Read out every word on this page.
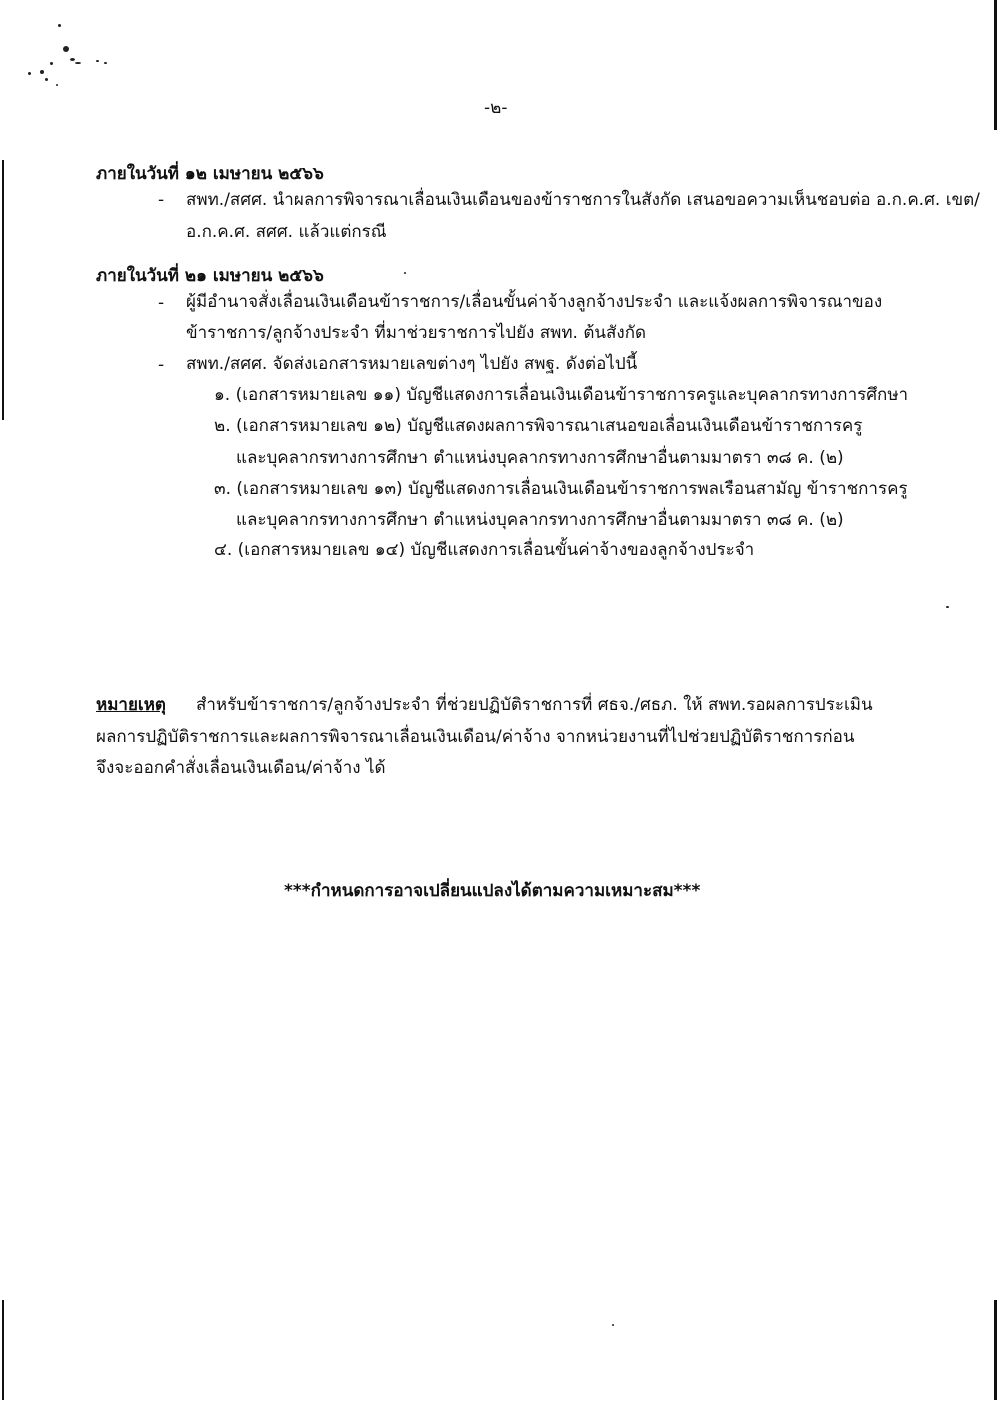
-๒-
ภายในวันที่ ๑๒ เมษายน ๒๕๖๖
- สพท./สศศ. นำผลการพิจารณาเลื่อนเงินเดือนของข้าราชการในสังกัด เสนอขอความเห็นชอบต่อ อ.ก.ค.ศ. เขต/
อ.ก.ค.ศ. สศศ. แล้วแต่กรณี
ภายในวันที่ ๒๑ เมษายน ๒๕๖๖
- ผู้มีอำนาจสั่งเลื่อนเงินเดือนข้าราชการ/เลื่อนขั้นค่าจ้างลูกจ้างประจำ และแจ้งผลการพิจารณาของ
ข้าราชการ/ลูกจ้างประจำ ที่มาช่วยราชการไปยัง สพท. ต้นสังกัด
- สพท./สศศ. จัดส่งเอกสารหมายเลขต่างๆ ไปยัง สพฐ. ดังต่อไปนี้
๑. (เอกสารหมายเลข ๑๑) บัญชีแสดงการเลื่อนเงินเดือนข้าราชการครูและบุคลากรทางการศึกษา
๒. (เอกสารหมายเลข ๑๒) บัญชีแสดงผลการพิจารณาเสนอขอเลื่อนเงินเดือนข้าราชการครู
และบุคลากรทางการศึกษา ตำแหน่งบุคลากรทางการศึกษาอื่นตามมาตรา ๓๘ ค. (๒)
๓. (เอกสารหมายเลข ๑๓) บัญชีแสดงการเลื่อนเงินเดือนข้าราชการพลเรือนสามัญ ข้าราชการครู
และบุคลากรทางการศึกษา ตำแหน่งบุคลากรทางการศึกษาอื่นตามมาตรา ๓๘ ค. (๒)
๔. (เอกสารหมายเลข ๑๔) บัญชีแสดงการเลื่อนขั้นค่าจ้างของลูกจ้างประจำ
หมายเหตุ สำหรับข้าราชการ/ลูกจ้างประจำ ที่ช่วยปฏิบัติราชการที่ ศธจ./ศธภ. ให้ สพท.รอผลการประเมิน
ผลการปฏิบัติราชการและผลการพิจารณาเลื่อนเงินเดือน/ค่าจ้าง จากหน่วยงานที่ไปช่วยปฏิบัติราชการก่อน
จึงจะออกคำสั่งเลื่อนเงินเดือน/ค่าจ้าง ได้
***กำหนดการอาจเปลี่ยนแปลงได้ตามความเหมาะสม***
